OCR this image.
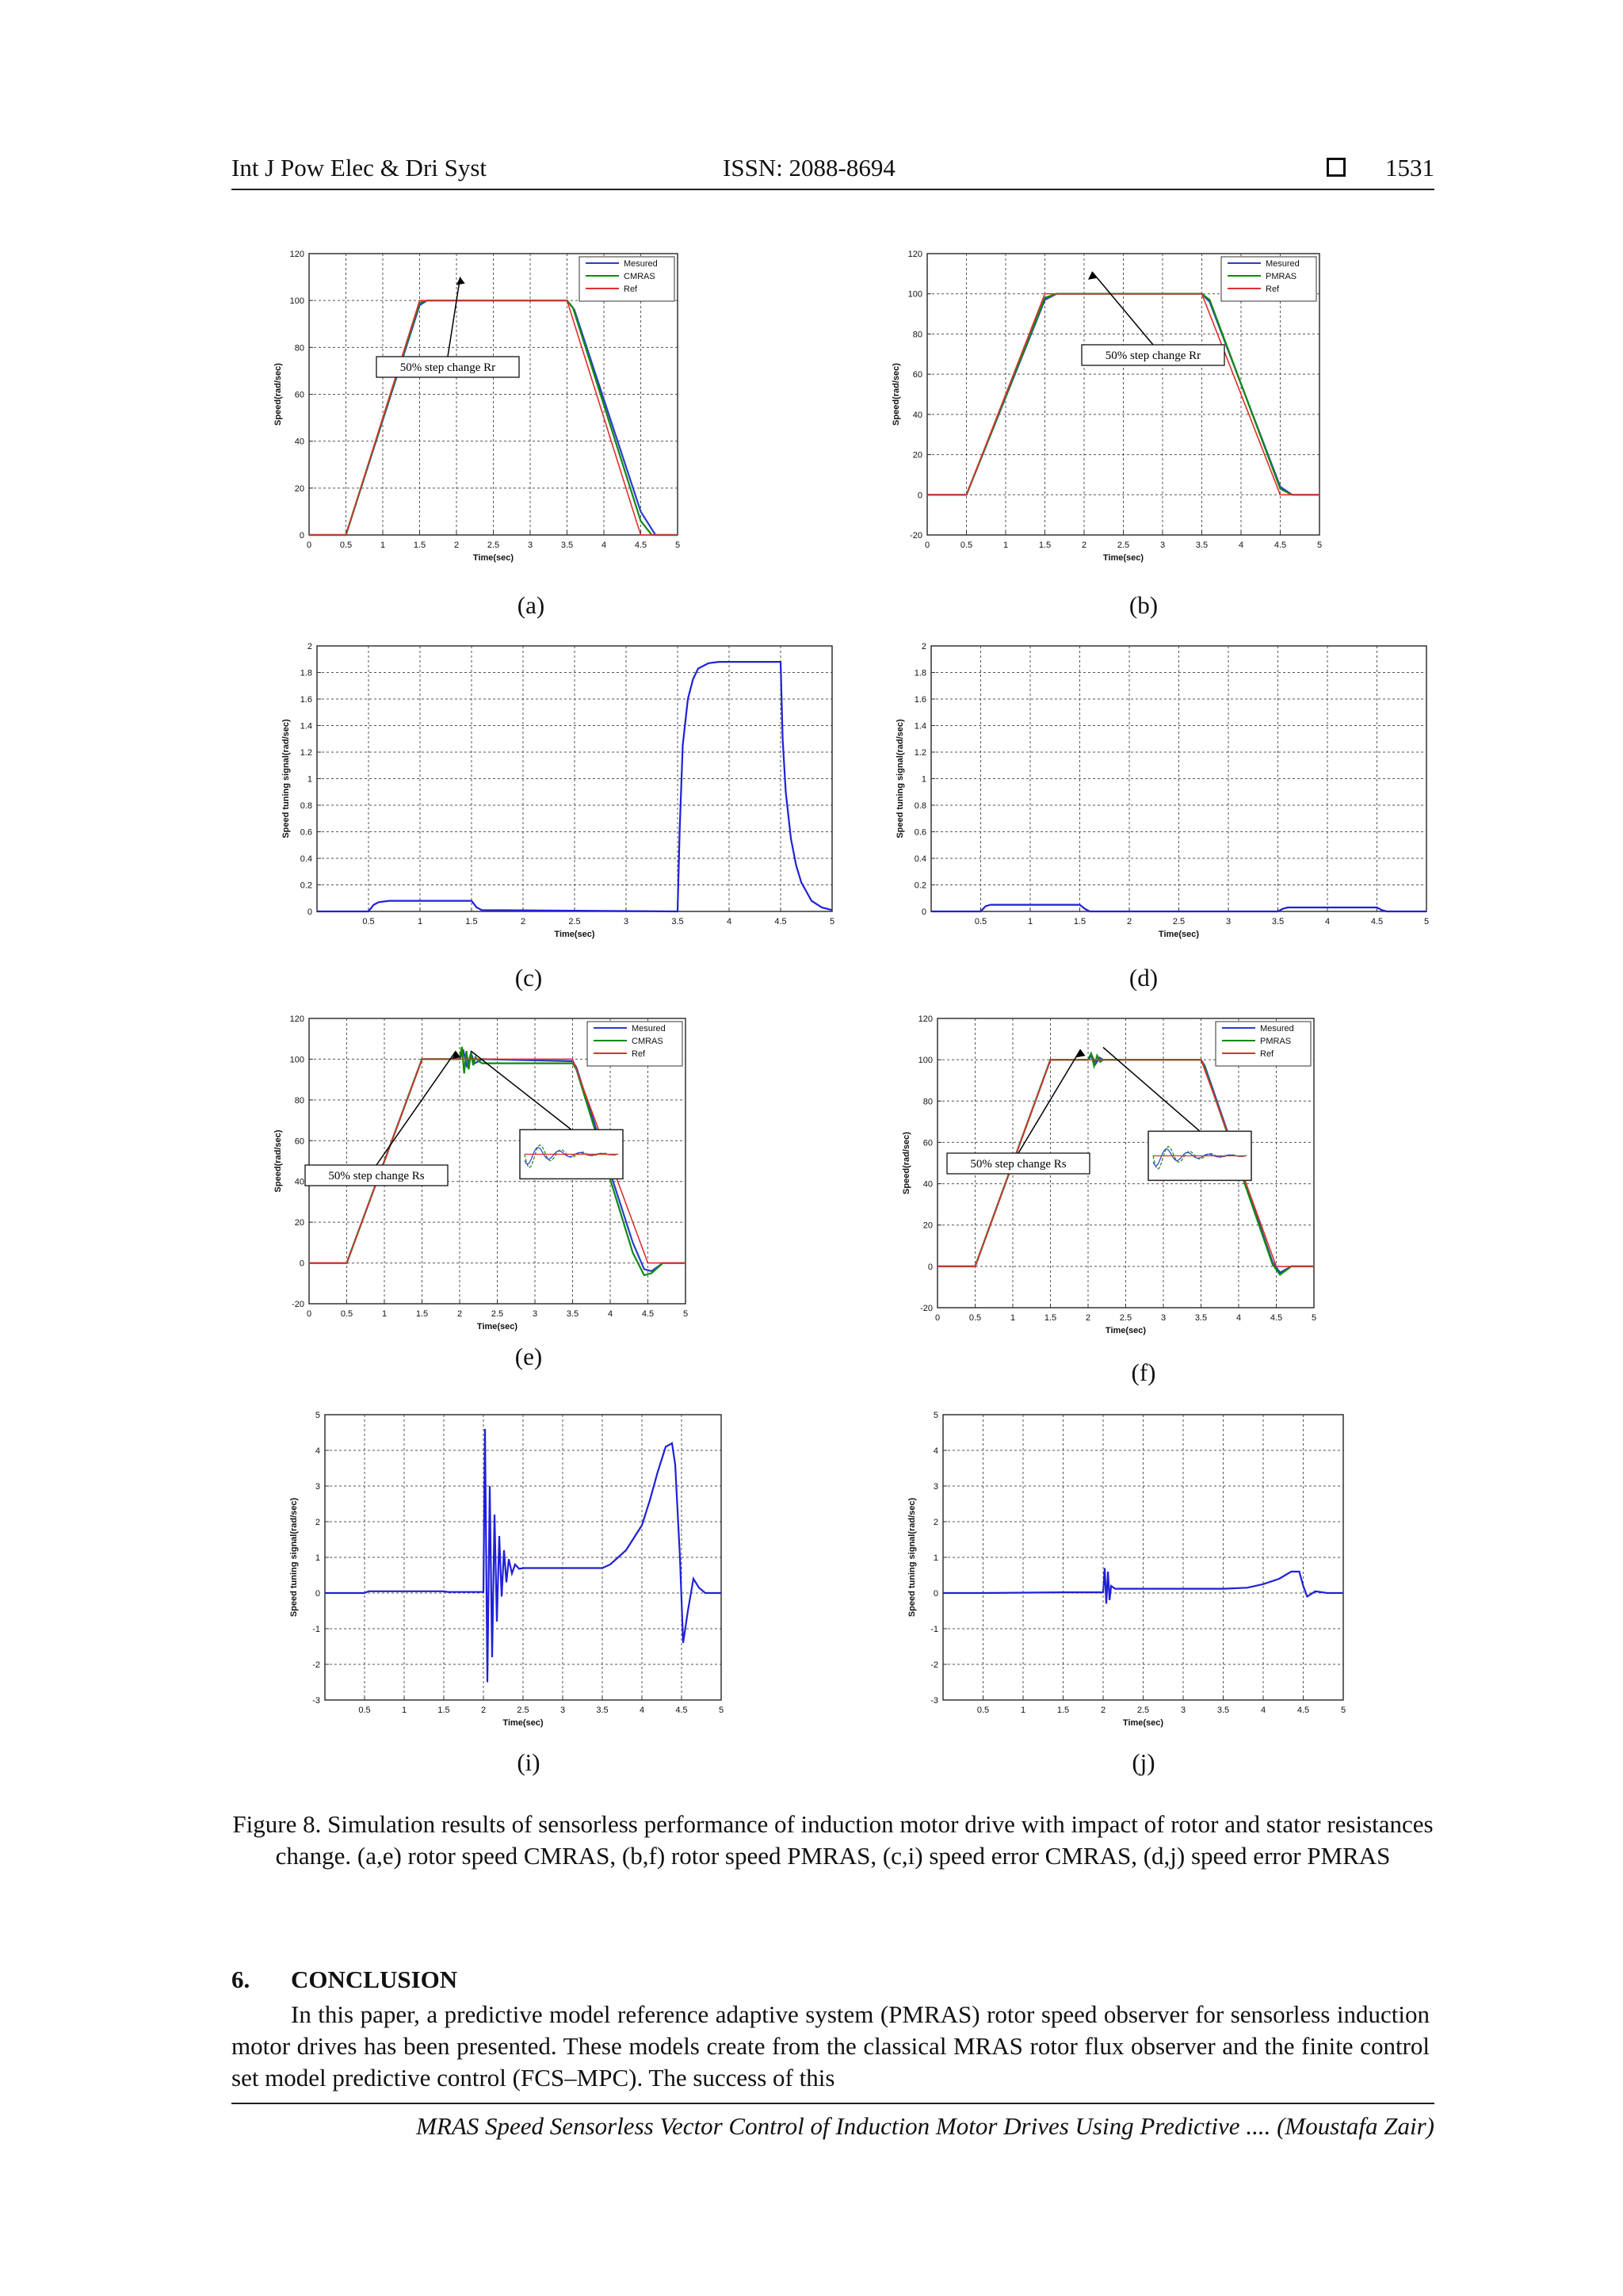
Int J Pow Elec & Dri Syst	ISSN: 2088-8694	1531
0	0.5	1	1.5	2	2.5	3	3.5	4	4.5	5
0
20
40
60
80
100
120
Time(sec)
Speed(rad/sec)
Mesured
CMRAS
Ref
50% step change Rr
(a)
0	0.5	1	1.5	2	2.5	3	3.5	4	4.5	5
-20
0
20
40
60
80
100
120
Time(sec)
Speed(rad/sec)
Mesured
PMRAS
Ref
50% step change Rr
(b)
0.5	1	1.5	2	2.5	3	3.5	4	4.5	5
0
0.2
0.4
0.6
0.8
1
1.2
1.4
1.6
1.8
2
Time(sec)
Speed tuning signal(rad/sec)
(c)
0.5	1	1.5	2	2.5	3	3.5	4	4.5	5
0
0.2
0.4
0.6
0.8
1
1.2
1.4
1.6
1.8
2
Time(sec)
Speed tuning signal(rad/sec)
(d)
0	0.5	1	1.5	2	2.5	3	3.5	4	4.5	5
-20
0
20
40
60
80
100
120
Time(sec)
Speed(rad/sec)
Mesured
CMRAS
Ref
50% step change Rs
(e)
0	0.5	1	1.5	2	2.5	3	3.5	4	4.5	5
-20
0
20
40
60
80
100
120
Time(sec)
Speed(rad/sec)
Mesured
PMRAS
Ref
50% step change Rs
(f)
0.5	1	1.5	2	2.5	3	3.5	4	4.5	5
-3
-2
-1
0
1
2
3
4
5
Time(sec)
Speed tuning signal(rad/sec)
(i)
0.5	1	1.5	2	2.5	3	3.5	4	4.5	5
-3
-2
-1
0
1
2
3
4
5
Time(sec)
Speed tuning signal(rad/sec)
(j)
Figure 8. Simulation results of sensorless performance of induction motor drive with impact of rotor and stator resistances change. (a,e) rotor speed CMRAS, (b,f) rotor speed PMRAS, (c,i) speed error CMRAS, (d,j) speed error PMRAS
6. CONCLUSION
In this paper, a predictive model reference adaptive system (PMRAS) rotor speed observer for sensorless induction motor drives has been presented. These models create from the classical MRAS rotor flux observer and the finite control set model predictive control (FCS–MPC). The success of this
MRAS Speed Sensorless Vector Control of Induction Motor Drives Using Predictive .... (Moustafa Zair)
